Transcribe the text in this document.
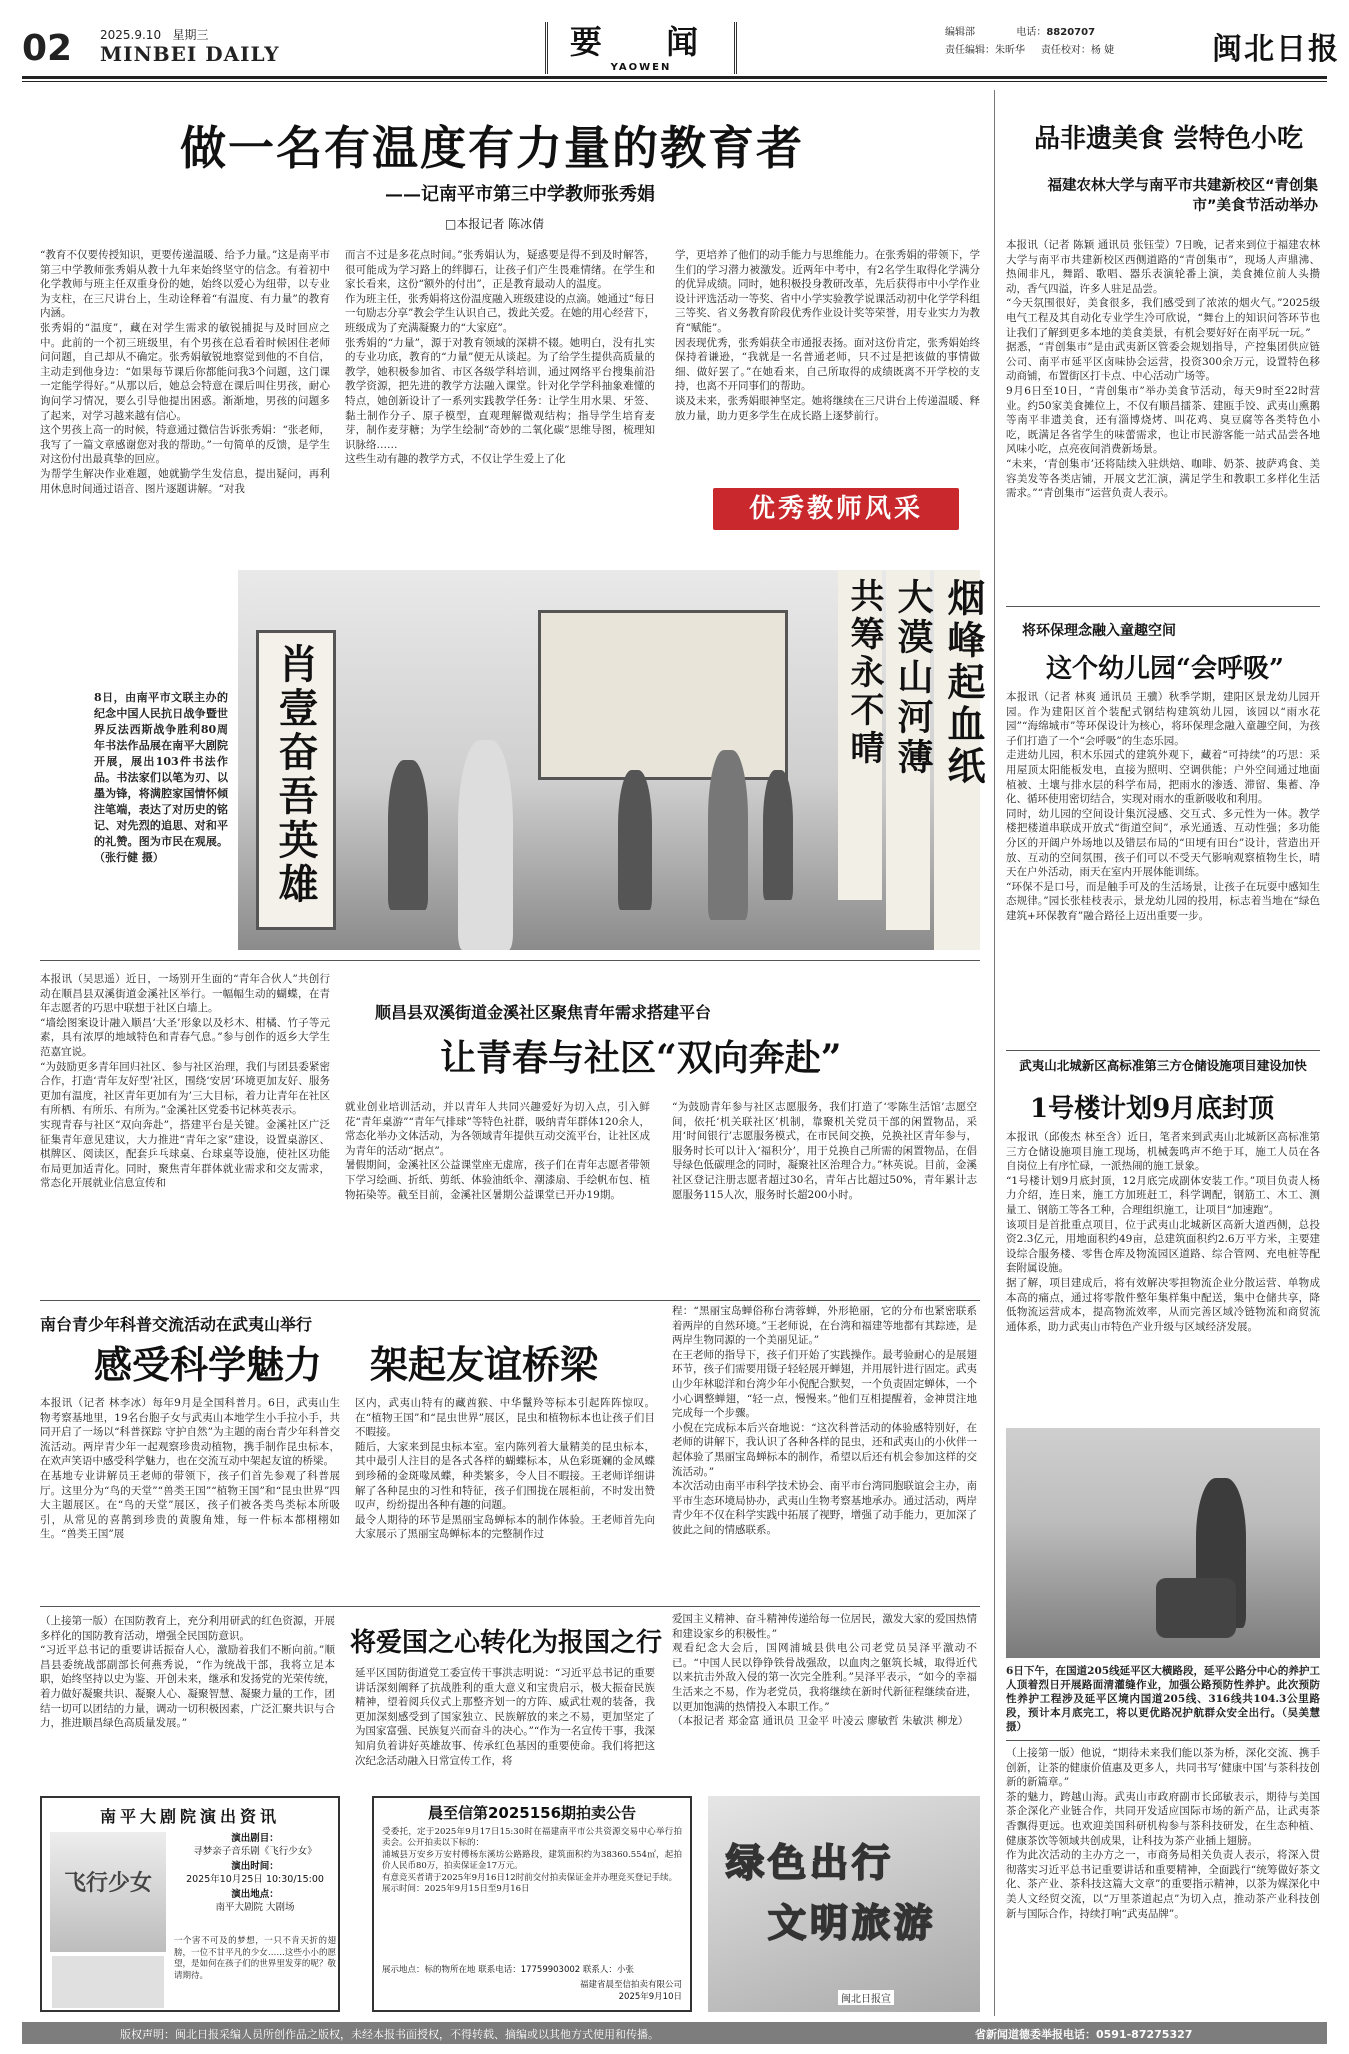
02 2025.9.10 星期三
MINBEI DAILY	要  闻
YAOWEN
编辑部	电话：8820707
责任编辑：朱昕华 责任校对：杨 婕	闽北日报
做一名有温度有力量的教育者
——记南平市第三中学教师张秀娟
□本报记者 陈冰倩
“教育不仅要传授知识，更要传递温暖、给予力量。”这是南平市第三中学教师张秀娟从教十九年来始终坚守的信念。有着初中化学教师与班主任双重身份的她，始终以爱心为纽带，以专业为支柱，在三尺讲台上，生动诠释着“有温度、有力量”的教育内涵。
张秀娟的“温度”，藏在对学生需求的敏锐捕捉与及时回应之中。此前的一个初三班级里，有个男孩在总看着时候困住老师问问题，自己却从不确定。张秀娟敏锐地察觉到他的不自信，主动走到他身边：“如果每节课后你都能问我3个问题，这门课一定能学得好。”从那以后，她总会特意在课后叫住男孩，耐心询问学习情况，要么引导他提出困惑。渐渐地，男孩的问题多了起来，对学习越来越有信心。
这个男孩上高一的时候，特意通过微信告诉张秀娟：“张老师，我写了一篇文章感谢您对我的帮助。”一句简单的反馈，是学生对这份付出最真挚的回应。
为帮学生解决作业难题，她就勤学生发信息，提出疑问，再利用休息时间通过语音、图片逐题讲解。“对我
而言不过是多花点时间。”张秀娟认为，疑惑要是得不到及时解答，很可能成为学习路上的绊脚石，让孩子们产生畏难情绪。在学生和家长看来，这份“额外的付出”，正是教育最动人的温度。
作为班主任，张秀娟将这份温度融入班级建设的点滴。她通过“每日一句励志分享”教会学生认识自己，拨此关爱。在她的用心经营下，班级成为了充满凝聚力的“大家庭”。
张秀娟的“力量”，源于对教育领域的深耕不辍。她明白，没有扎实的专业功底，教育的“力量”便无从谈起。为了给学生提供高质量的教学，她积极参加省、市区各级学科培训，通过网络平台搜集前沿教学资源，把先进的教学方法融入课堂。针对化学学科抽象难懂的特点，她创新设计了一系列实践教学任务：让学生用水果、牙签、黏土制作分子、原子模型，直观理解微观结构；指导学生培育麦芽，制作麦芽糖；为学生绘制“奇妙的二氧化碳”思维导图，梳理知识脉络……
这些生动有趣的教学方式，不仅让学生爱上了化
学，更培养了他们的动手能力与思维能力。在张秀娟的带领下，学生们的学习潜力被激发。近两年中考中，有2名学生取得化学满分的优异成绩。同时，她积极投身教研改革，先后获得市中小学作业设计评选活动一等奖、省中小学实验教学说课活动初中化学学科组三等奖、省义务教育阶段优秀作业设计奖等荣誉，用专业实力为教育“赋能”。
因表现优秀，张秀娟获全市通报表扬。面对这份肯定，张秀娟始终保持着谦逊，“我就是一名普通老师，只不过是把该做的事情做细、做好罢了。”在她看来，自己所取得的成绩既离不开学校的支持，也离不开同事们的帮助。
谈及未来，张秀娟眼神坚定。她将继续在三尺讲台上传递温暖、释放力量，助力更多学生在成长路上逐梦前行。
优秀教师风采
肖壹奋吾英雄	共筹永不晴 大漠山河薄 烟峰起血纸
8日，由南平市文联主办的纪念中国人民抗日战争暨世界反法西斯战争胜利80周年书法作品展在南平大剧院开展，展出103件书法作品。书法家们以笔为刃、以墨为锋，将满腔家国情怀倾注笔端，表达了对历史的铭记、对先烈的追思、对和平的礼赞。图为市民在观展。（张行健 摄）
本报讯（吴思遥）近日，一场别开生面的“青年合伙人”共创行动在顺昌县双溪街道金溪社区举行。一幅幅生动的蝴蝶，在青年志愿者的巧思中联想于社区白墙上。
“墙绘图案设计融入顺昌‘大圣’形象以及杉木、柑橘、竹子等元素，具有浓厚的地域特色和青春气息。”参与创作的返乡大学生范嘉宜说。
“为鼓励更多青年回归社区、参与社区治理，我们与团县委紧密合作，打造‘青年友好型’社区，围绕‘安居’环境更加友好、服务更加有温度，社区青年更加有为’三大目标，着力让青年在社区有所栖、有所乐、有所为。”金溪社区党委书记林英表示。
实现青春与社区“双向奔赴”，搭建平台是关键。金溪社区广泛征集青年意见建议，大力推进“青年之家”建设，设置桌游区、棋牌区、阅读区，配套乒乓球桌、台球桌等设施，使社区功能布局更加适青化。同时，聚焦青年群体就业需求和交友需求，常态化开展就业信息宣传和
顺昌县双溪街道金溪社区聚焦青年需求搭建平台
让青春与社区“双向奔赴”
就业创业培训活动，并以青年人共同兴趣爱好为切入点，引入鲜花“青年桌游”“青年气排球”等特色社群，吸纳青年群体120余人，常态化举办文体活动，为各领域青年提供互动交流平台，让社区成为青年的活动“据点”。
暑假期间，金溪社区公益课堂座无虚席，孩子们在青年志愿者带领下学习绘画、折纸、剪纸、体验油纸伞、潮漆扇、手绘帆布包、植物拓染等。截至目前，金溪社区暑期公益课堂已开办19期。
“为鼓励青年参与社区志愿服务，我们打造了‘零陈生活馆’志愿空间，依托‘机关联社区’机制，靠聚机关党员干部的闲置物品，采用‘时间银行’志愿服务模式，在市民间交换，兑换社区青年参与，服务时长可以计入‘福积分’，用于兑换自己所需的闲置物品，在倡导绿色低碳理念的同时，凝聚社区治理合力。”林英说。目前，金溪社区登记注册志愿者超过30名，青年占比超过50%，青年累计志愿服务115人次，服务时长超200小时。
南台青少年科普交流活动在武夷山举行
感受科学魅力 架起友谊桥梁
本报讯（记者 林李冰）每年9月是全国科普月。6日，武夷山生物考察基地里，19名台胞子女与武夷山本地学生小手拉小手，共同开启了一场以“科普探踪 守护自然”为主题的南台青少年科普交流活动。两岸青少年一起观察珍贵动植物，携手制作昆虫标本，在欢声笑语中感受科学魅力，也在交流互动中架起友谊的桥梁。
在基地专业讲解员王老师的带领下，孩子们首先参观了科普展厅。这里分为“鸟的天堂”“兽类王国”“植物王国”和“昆虫世界”四大主题展区。在“鸟的天堂”展区，孩子们被各类鸟类标本所吸引，从常见的喜鹊到珍贵的黄腹角雉，每一件标本都栩栩如生。“兽类王国”展
区内，武夷山特有的藏酋猴、中华鬣羚等标本引起阵阵惊叹。在“植物王国”和“昆虫世界”展区，昆虫和植物标本也让孩子们目不暇接。
随后，大家来到昆虫标本室。室内陈列着大量精美的昆虫标本，其中最引人注目的是各式各样的蝴蝶标本，从色彩斑斓的金凤蝶到珍稀的金斑喙凤蝶，种类繁多，令人目不暇接。王老师详细讲解了各种昆虫的习性和特征，孩子们围拢在展柜前，不时发出赞叹声，纷纷提出各种有趣的问题。
最令人期待的环节是黑丽宝岛蝉标本的制作体验。王老师首先向大家展示了黑丽宝岛蝉标本的完整制作过
程：“黑丽宝岛蝉俗称台湾蓉蝉，外形艳丽，它的分布也紧密联系着两岸的自然环境。”王老师说，在台湾和福建等地都有其踪迹，是两岸生物同源的一个美丽见证。”
在王老师的指导下，孩子们开始了实践操作。最考验耐心的是展翅环节，孩子们需要用镊子轻轻展开蝉翅，并用展针进行固定。武夷山少年林聪洋和台湾少年小倪配合默契，一个负责固定蝉体，一个小心调整蝉翅，“轻一点，慢慢来。”他们互相提醒着，金神贯注地完成每一个步骤。
小倪在完成标本后兴奋地说：“这次科普活动的体验感特别好，在老师的讲解下，我认识了各种各样的昆虫，还和武夷山的小伙伴一起体验了黑丽宝岛蝉标本的制作，希望以后还有机会参加这样的交流活动。”
本次活动由南平市科学技术协会、南平市台湾同胞联谊会主办，南平市生态环境局协办，武夷山生物考察基地承办。通过活动，两岸青少年不仅在科学实践中拓展了视野，增强了动手能力，更加深了彼此之间的情感联系。
（上接第一版）在国防教育上，充分利用研武的红色资源，开展多样化的国防教育活动，增强全民国防意识。
“习近平总书记的重要讲话振奋人心，激励着我们不断向前。”顺昌县委统战部副部长何燕秀说，“作为统战干部，我将立足本职，始终坚持以史为鉴、开创未来，继承和发扬党的光荣传统，着力做好凝聚共识、凝聚人心、凝聚智慧、凝聚力量的工作，团结一切可以团结的力量，调动一切积极因素，广泛汇聚共识与合力，推进顺昌绿色高质量发展。”
将爱国之心转化为报国之行
延平区国防街道党工委宣传干事洪志明说：“习近平总书记的重要讲话深刻阐释了抗战胜利的重大意义和宝贵启示，极大振奋民族精神，望着阅兵仪式上那整齐划一的方阵、威武壮观的装备，我更加深刻感受到了国家独立、民族解放的来之不易，更加坚定了为国家富强、民族复兴而奋斗的决心。”“作为一名宣传干事，我深知肩负着讲好英雄故事、传承红色基因的重要使命。我们将把这次纪念活动融入日常宣传工作，将
爱国主义精神、奋斗精神传递给每一位居民，激发大家的爱国热情和建设家乡的积极性。”
观看纪念大会后，国网浦城县供电公司老党员吴泽平激动不已。“中国人民以铮铮铁骨战强敌，以血肉之躯筑长城，取得近代以来抗击外敌入侵的第一次完全胜利。”吴泽平表示，“如今的幸福生活来之不易，作为老党员，我将继续在新时代新征程继续奋进，以更加饱满的热情投入本职工作。”
（本报记者 郑金富 通讯员 卫金平 叶凌云 廖敏哲 朱敏洪 柳龙）
南平大剧院演出资讯
飞行少女
演出剧目：
寻梦亲子音乐剧《飞行少女》
演出时间：
2025年10月25日 10:30/15:00
演出地点：
南平大剧院 大剧场
一个害不可及的梦想，一只不肯天折的翅膀，一位不甘平凡的少女……这些小小的愿望，是如何在孩子们的世界里发芽的呢？敬请期待。
晨至信第2025156期拍卖公告
受委托，定于2025年9月17日15:30时在福建南平市公共资源交易中心举行拍卖会。公开拍卖以下标的：
浦城县万安乡万安村傅杨东溪坊公路路段，建筑面积约为38360.554㎡，起拍价人民币80万，拍卖保证金17万元。
有意竞买者请于2025年9月16日12时前交付拍卖保证金并办理竞买登记手续。
展示时间：2025年9月15日至9月16日
展示地点：标的物所在地 联系电话：17759903002 联系人：小张
福建省晨至信拍卖有限公司
2025年9月10日
绿色出行
文明旅游
闽北日报宣
品非遗美食 尝特色小吃
福建农林大学与南平市共建新校区“青创集市”美食节活动举办
本报讯（记者 陈颖 通讯员 张钰莹）7日晚，记者来到位于福建农林大学与南平市共建新校区西侧道路的“青创集市”，现场人声鼎沸、热闹非凡，舞蹈、歌唱、器乐表演轮番上演，美食摊位前人头攒动，香气四溢，许多人驻足品尝。
“今天氛围很好，美食很多，我们感受到了浓浓的烟火气。”2025级电气工程及其自动化专业学生冷可欣说，“舞台上的知识问答环节也让我们了解到更多本地的美食美景，有机会要好好在南平玩一玩。”
据悉，“青创集市”是由武夷新区管委会规划指导，产控集团供应链公司、南平市延平区卤味协会运营，投资300余万元，设置特色移动商铺，布置街区打卡点、中心活动广场等。
9月6日至10日，“青创集市”举办美食节活动，每天9时至22时营业。约50家美食摊位上，不仅有顺昌擂茶、建瓯手饺、武夷山熏鹅等南平非遗美食，还有淄博烧烤、叫花鸡、臭豆腐等各类特色小吃，既满足各省学生的味蕾需求，也让市民游客能一站式品尝各地风味小吃，点亮夜间消费新场景。
“未来，‘青创集市’还将陆续入驻烘焙、咖啡、奶茶、披萨鸡食、美容美发等各类店铺，开展文艺汇演，满足学生和教职工多样化生活需求。”“青创集市”运营负责人表示。
将环保理念融入童趣空间
这个幼儿园“会呼吸”
本报讯（记者 林爽 通讯员 王骥）秋季学期，建阳区景龙幼儿园开园。作为建阳区首个装配式钢结构建筑幼儿园，该园以“雨水花园”“海绵城市”等环保设计为核心，将环保理念融入童趣空间，为孩子们打造了一个“会呼吸”的生态乐园。
走进幼儿园，积木乐园式的建筑外观下，藏着“可持续”的巧思：采用屋顶太阳能板发电，直接为照明、空调供能；户外空间通过地面植被、土壤与排水层的科学布局，把雨水的渗透、滞留、集蓄、净化、循环使用密切结合，实现对雨水的重新吸收和利用。
同时，幼儿园的空间设计集沉浸感、交互式、多元性为一体。教学楼把楼道串联成开放式“街道空间”，承光通透、互动性强；多功能分区的开阔户外场地以及错层布局的“田埂有田台”设计，营造出开放、互动的空间氛围，孩子们可以不受天气影响观察植物生长，晴天在户外活动，雨天在室内开展体能训练。
“环保不是口号，而是触手可及的生活场景，让孩子在玩耍中感知生态规律。”园长张桂枝表示，景龙幼儿园的投用，标志着当地在“绿色建筑+环保教育”融合路径上迈出重要一步。
武夷山北城新区高标准第三方仓储设施项目建设加快
1号楼计划9月底封顶
本报讯（邱俊杰 林至含）近日，笔者来到武夷山北城新区高标准第三方仓储设施项目施工现场，机械轰鸣声不绝于耳，施工人员在各自岗位上有序忙碌，一派热闹的施工景象。
“1号楼计划9月底封顶，12月底完成副体安装工作。”项目负责人杨力介绍，连日来，施工方加班赶工，科学调配，钢筋工、木工、测量工、钢筋工等各工种，合理组织施工，让项目“加速跑”。
该项目是首批重点项目，位于武夷山北城新区高新大道西侧，总投资2.3亿元，用地面积约49亩，总建筑面积约2.6万平方米，主要建设综合服务楼、零售仓库及物流园区道路、综合管网、充电桩等配套附属设施。
据了解，项目建成后，将有效解决零担物流企业分散运营、单物成本高的痛点，通过将零散件整年集样集中配送，集中仓储共享，降低物流运营成本，提高物流效率，从而完善区域冷链物流和商贸流通体系，助力武夷山市特色产业升级与区域经济发展。
6日下午，在国道205线延平区大横路段，延平公路分中心的养护工人顶着烈日开展路面清灌缝作业，加强公路预防性养护。此次预防性养护工程涉及延平区境内国道205线、316线共104.3公里路段，预计本月底完工，将以更优路况护航群众安全出行。（吴美慧 摄）
（上接第一版）他说，“期待未来我们能以茶为桥，深化交流、携手创新，让茶的健康价值惠及更多人，共同书写‘健康中国’与茶科技创新的新篇章。”
茶的魅力，跨越山海。武夷山市政府副市长邱敏表示，期待与美国茶企深化产业链合作，共同开发适应国际市场的新产品，让武夷茶香飘得更远。也欢迎美国科研机构参与茶科技研发，在生态种植、健康茶饮等领域共创成果，让科技为茶产业插上翅膀。
作为此次活动的主办方之一，市商务局相关负责人表示，将深入贯彻落实习近平总书记重要讲话和重要精神，全面践行“统筹做好茶文化、茶产业、茶科技这篇大文章”的重要指示精神，以茶为媒深化中美人文经贸交流，以“万里茶道起点”为切入点，推动茶产业科技创新与国际合作，持续打响“武夷品牌”。
版权声明：闽北日报采编人员所创作品之版权，未经本报书面授权，不得转载、摘编或以其他方式使用和传播。	省新闻道德委举报电话：0591-87275327
